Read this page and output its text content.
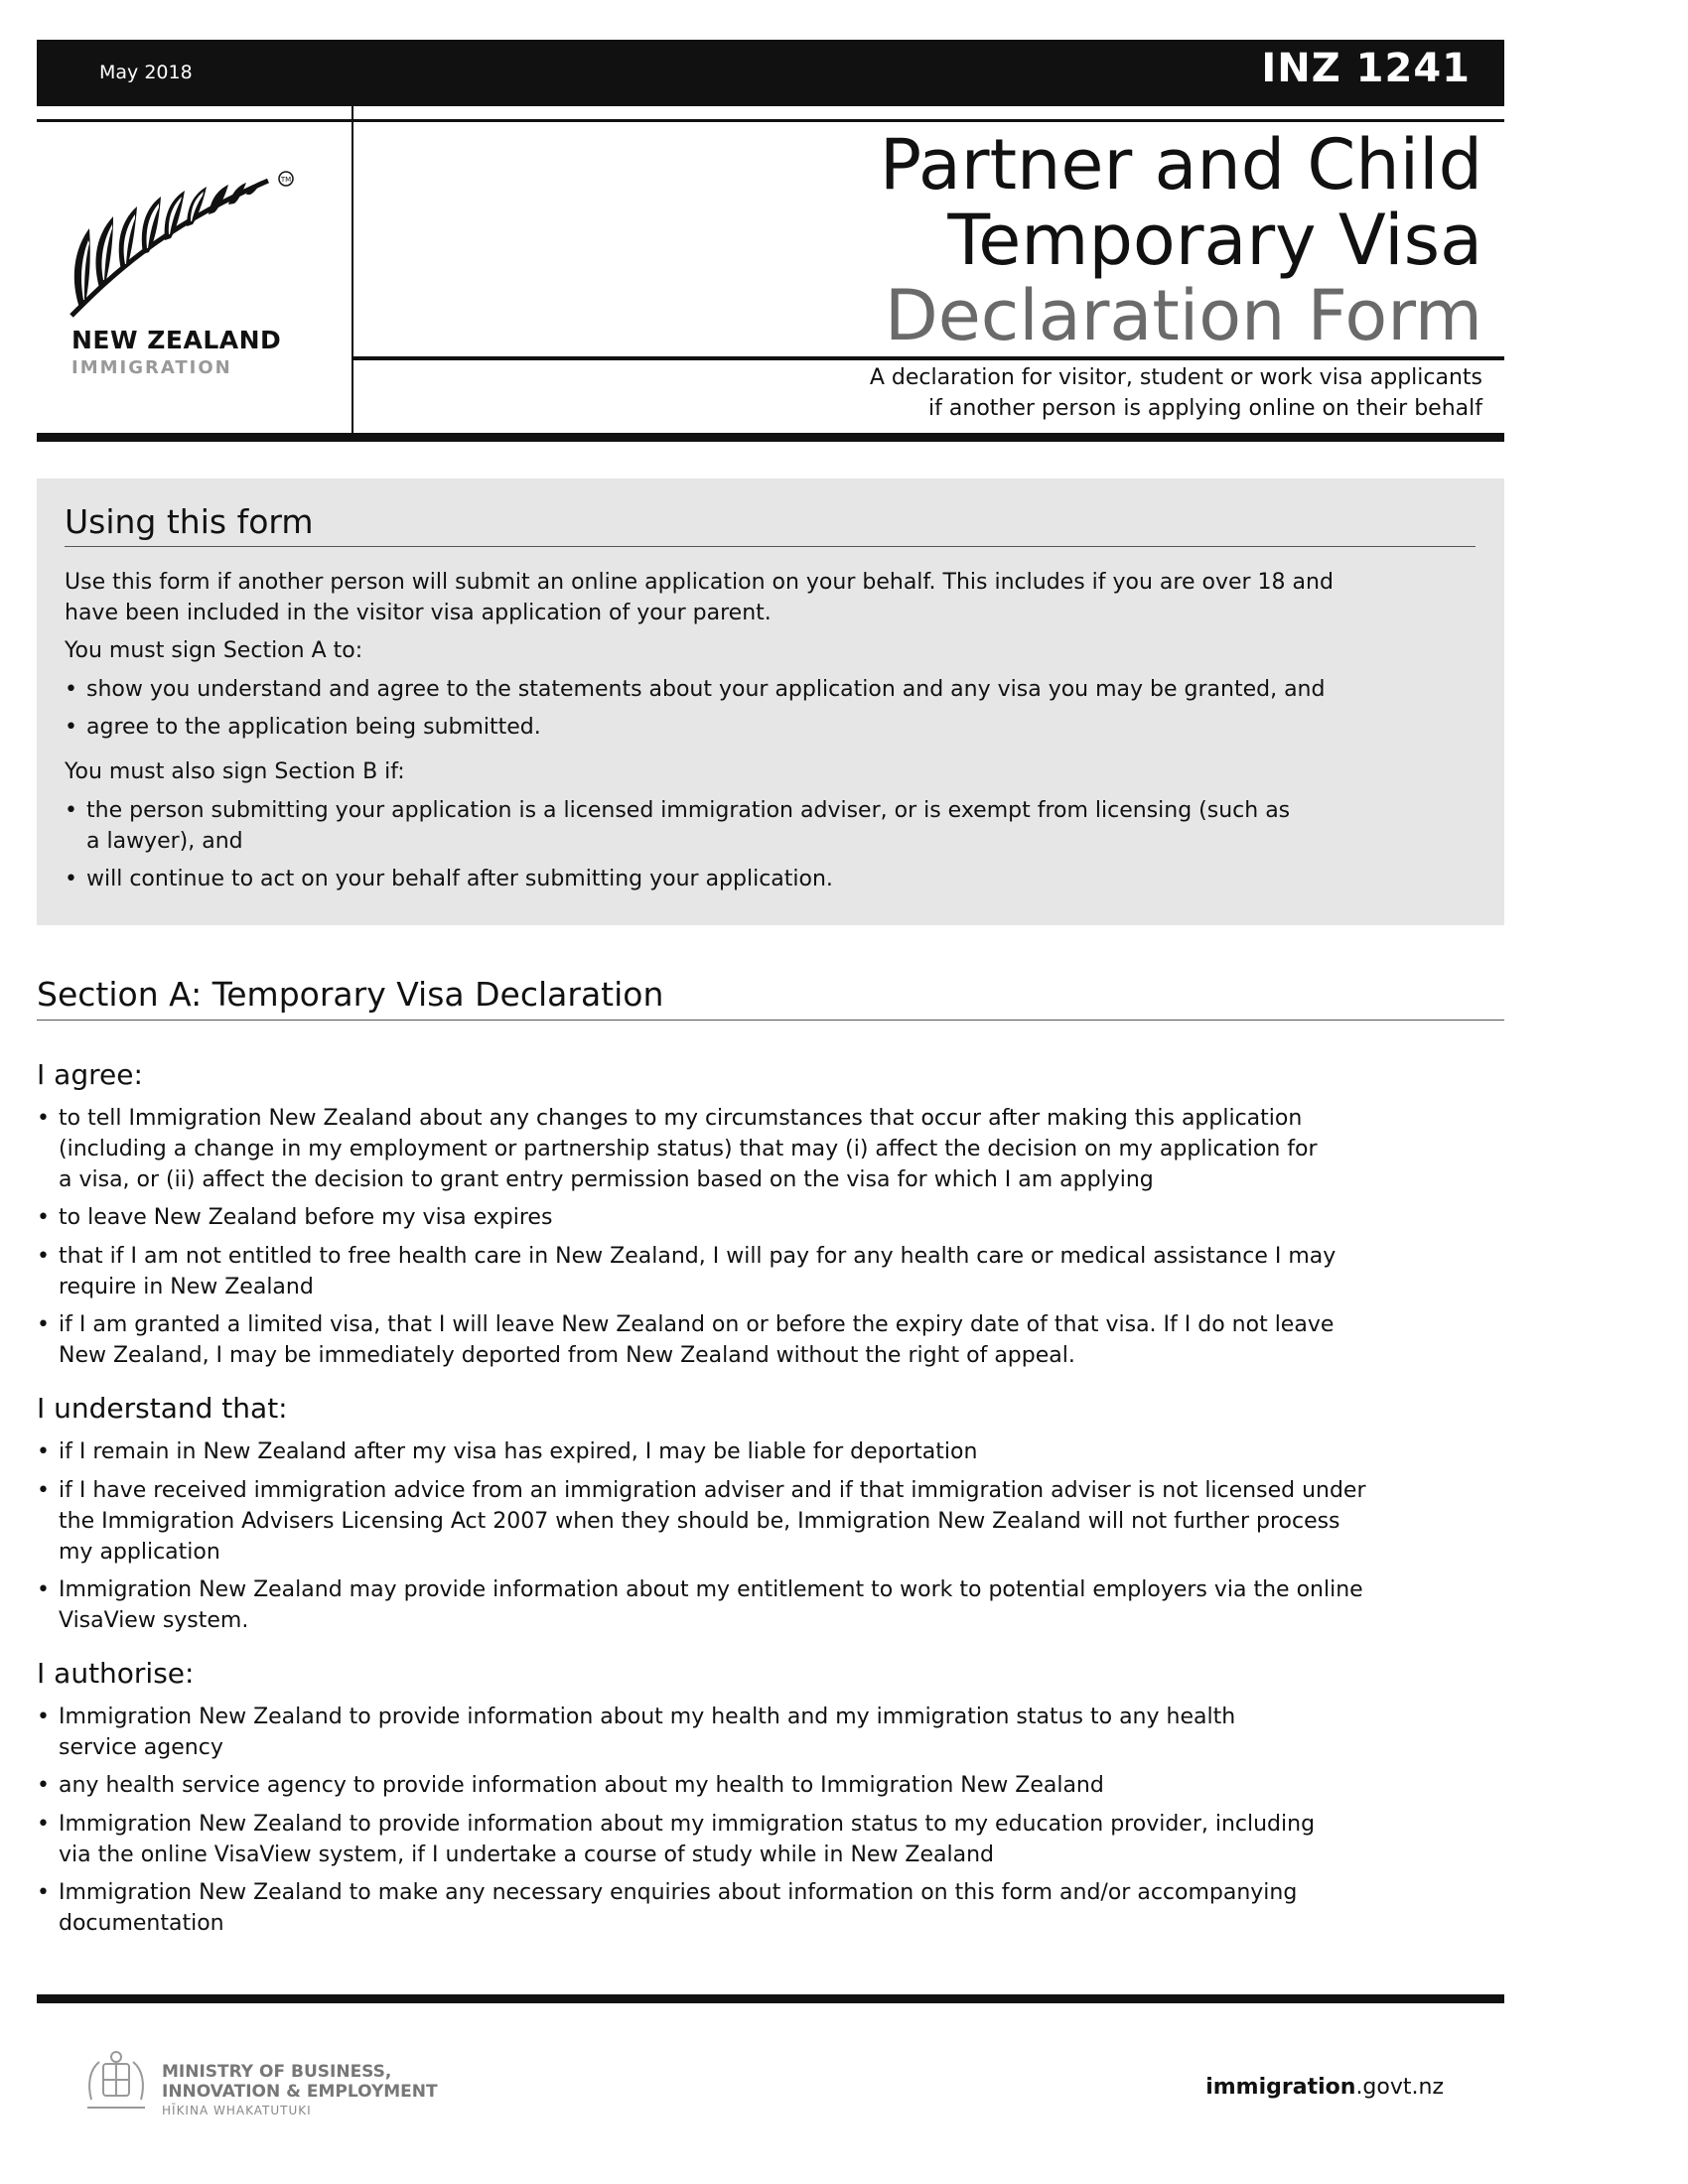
May 2018	INZ 1241
TM
NEW ZEALAND
IMMIGRATION
Partner and Child
Temporary Visa
Declaration Form
A declaration for visitor, student or work visa applicants
if another person is applying online on their behalf
Using this form
Use this form if another person will submit an online application on your behalf. This includes if you are over 18 and
have been included in the visitor visa application of your parent.
You must sign Section A to:
• show you understand and agree to the statements about your application and any visa you may be granted, and
• agree to the application being submitted.
You must also sign Section B if:
• the person submitting your application is a licensed immigration adviser, or is exempt from licensing (such as
a lawyer), and
• will continue to act on your behalf after submitting your application.
Section A: Temporary Visa Declaration
I agree:
• to tell Immigration New Zealand about any changes to my circumstances that occur after making this application
(including a change in my employment or partnership status) that may (i) affect the decision on my application for
a visa, or (ii) affect the decision to grant entry permission based on the visa for which I am applying
• to leave New Zealand before my visa expires
• that if I am not entitled to free health care in New Zealand, I will pay for any health care or medical assistance I may
require in New Zealand
• if I am granted a limited visa, that I will leave New Zealand on or before the expiry date of that visa. If I do not leave
New Zealand, I may be immediately deported from New Zealand without the right of appeal.
I understand that:
• if I remain in New Zealand after my visa has expired, I may be liable for deportation
• if I have received immigration advice from an immigration adviser and if that immigration adviser is not licensed under
the Immigration Advisers Licensing Act 2007 when they should be, Immigration New Zealand will not further process
my application
• Immigration New Zealand may provide information about my entitlement to work to potential employers via the online
VisaView system.
I authorise:
• Immigration New Zealand to provide information about my health and my immigration status to any health
service agency
• any health service agency to provide information about my health to Immigration New Zealand
• Immigration New Zealand to provide information about my immigration status to my education provider, including
via the online VisaView system, if I undertake a course of study while in New Zealand
• Immigration New Zealand to make any necessary enquiries about information on this form and/or accompanying
documentation
MINISTRY OF BUSINESS,
INNOVATION & EMPLOYMENT
HĪKINA WHAKATUTUKI
immigration.govt.nz
